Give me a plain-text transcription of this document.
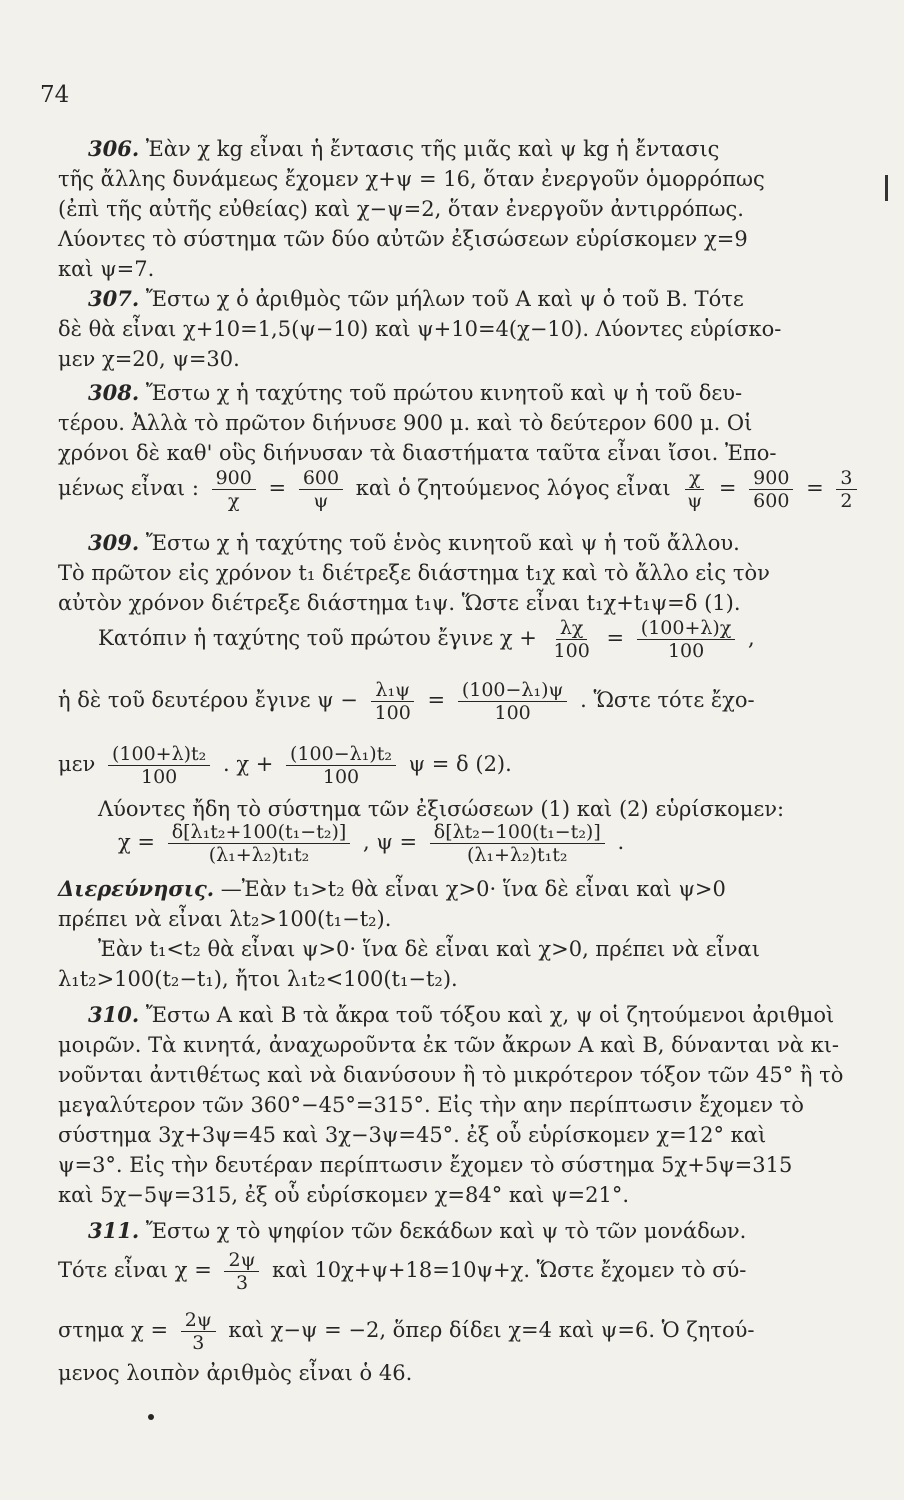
74
306. Ἐὰν χ kg εἶναι ἡ ἔντασις τῆς μιᾶς καὶ ψ kg ἡ ἔντασις
τῆς ἄλλης δυνάμεως ἔχομεν χ+ψ = 16, ὅταν ἐνεργοῦν ὁμορρόπως
(ἐπὶ τῆς αὐτῆς εὐθείας) καὶ χ−ψ=2, ὅταν ἐνεργοῦν ἀντιρρόπως.
Λύοντες τὸ σύστημα τῶν δύο αὐτῶν ἐξισώσεων εὑρίσκομεν χ=9
καὶ ψ=7.
307. Ἔστω χ ὁ ἀριθμὸς τῶν μήλων τοῦ Α καὶ ψ ὁ τοῦ Β. Τότε
δὲ θὰ εἶναι χ+10=1,5(ψ−10) καὶ ψ+10=4(χ−10). Λύοντες εὑρίσκο-
μεν χ=20, ψ=30.
308. Ἔστω χ ἡ ταχύτης τοῦ πρώτου κινητοῦ καὶ ψ ἡ τοῦ δευ-
τέρου. Ἀλλὰ τὸ πρῶτον διήνυσε 900 μ. καὶ τὸ δεύτερον 600 μ. Οἱ
χρόνοι δὲ καθ' οὓς διήνυσαν τὰ διαστήματα ταῦτα εἶναι ἴσοι. Ἐπο-
μένως εἶναι : $\frac{900}{\chi} = \frac{600}{\psi}$ καὶ ὁ ζητούμενος λόγος εἶναι $\frac{\chi}{\psi} = \frac{900}{600} = \frac{3}{2}$
309. Ἔστω χ ἡ ταχύτης τοῦ ἑνὸς κινητοῦ καὶ ψ ἡ τοῦ ἄλλου.
Τὸ πρῶτον εἰς χρόνον t₁ διέτρεξε διάστημα t₁χ καὶ τὸ ἄλλο εἰς τὸν
αὐτὸν χρόνον διέτρεξε διάστημα t₁ψ. Ὥστε εἶναι t₁χ+t₁ψ=δ (1).
Κατόπιν ἡ ταχύτης τοῦ πρώτου ἔγινε $\chi + \frac{\lambda\chi}{100} = \frac{(100+\lambda)\chi}{100}$ ,
ἡ δὲ τοῦ δευτέρου ἔγινε $\psi - \frac{\text{λ₁ψ}}{100} = \frac{\text{(100−λ₁)ψ}}{100}$ . Ὥστε τότε ἔχο-
μεν $\frac{\text{(100+λ)t₂}}{100}$ . $\chi + \frac{\text{(100−λ₁)t₂}}{100}$ ψ = δ (2).
Λύοντες ἤδη τὸ σύστημα τῶν ἐξισώσεων (1) καὶ (2) εὑρίσκομεν:
$\chi = \frac{\text{δ[λ₁t₂+100(t₁−t₂)]}}{\text{(λ₁+λ₂)t₁t₂}}$ , $\psi = \frac{\text{δ[λt₂−100(t₁−t₂)]}}{\text{(λ₁+λ₂)t₁t₂}}$ .
Διερεύνησις. —Ἐὰν t₁>t₂ θὰ εἶναι χ>0· ἵνα δὲ εἶναι καὶ ψ>0
πρέπει νὰ εἶναι λt₂>100(t₁−t₂).
Ἐὰν t₁<t₂ θὰ εἶναι ψ>0· ἵνα δὲ εἶναι καὶ χ>0, πρέπει νὰ εἶναι
λ₁t₂>100(t₂−t₁), ἤτοι λ₁t₂<100(t₁−t₂).
310. Ἔστω Α καὶ Β τὰ ἄκρα τοῦ τόξου καὶ χ, ψ οἱ ζητούμενοι ἀριθμοὶ
μοιρῶν. Τὰ κινητά, ἀναχωροῦντα ἐκ τῶν ἄκρων Α καὶ Β, δύνανται νὰ κι-
νοῦνται ἀντιθέτως καὶ νὰ διανύσουν ἢ τὸ μικρότερον τόξον τῶν 45° ἢ τὸ
μεγαλύτερον τῶν 360°−45°=315°. Εἰς τὴν αην περίπτωσιν ἔχομεν τὸ
σύστημα 3χ+3ψ=45 καὶ 3χ−3ψ=45°. ἐξ οὗ εὑρίσκομεν χ=12° καὶ
ψ=3°. Εἰς τὴν δευτέραν περίπτωσιν ἔχομεν τὸ σύστημα 5χ+5ψ=315
καὶ 5χ−5ψ=315, ἐξ οὗ εὑρίσκομεν χ=84° καὶ ψ=21°.
311. Ἔστω χ τὸ ψηφίον τῶν δεκάδων καὶ ψ τὸ τῶν μονάδων.
Τότε εἶναι $\chi = \frac{2\psi}{3}$ καὶ 10χ+ψ+18=10ψ+χ. Ὥστε ἔχομεν τὸ σύ-
στημα $\chi = \frac{2\psi}{3}$ καὶ χ−ψ = −2, ὅπερ δίδει χ=4 καὶ ψ=6. Ὁ ζητού-
μενος λοιπὸν ἀριθμὸς εἶναι ὁ 46.
